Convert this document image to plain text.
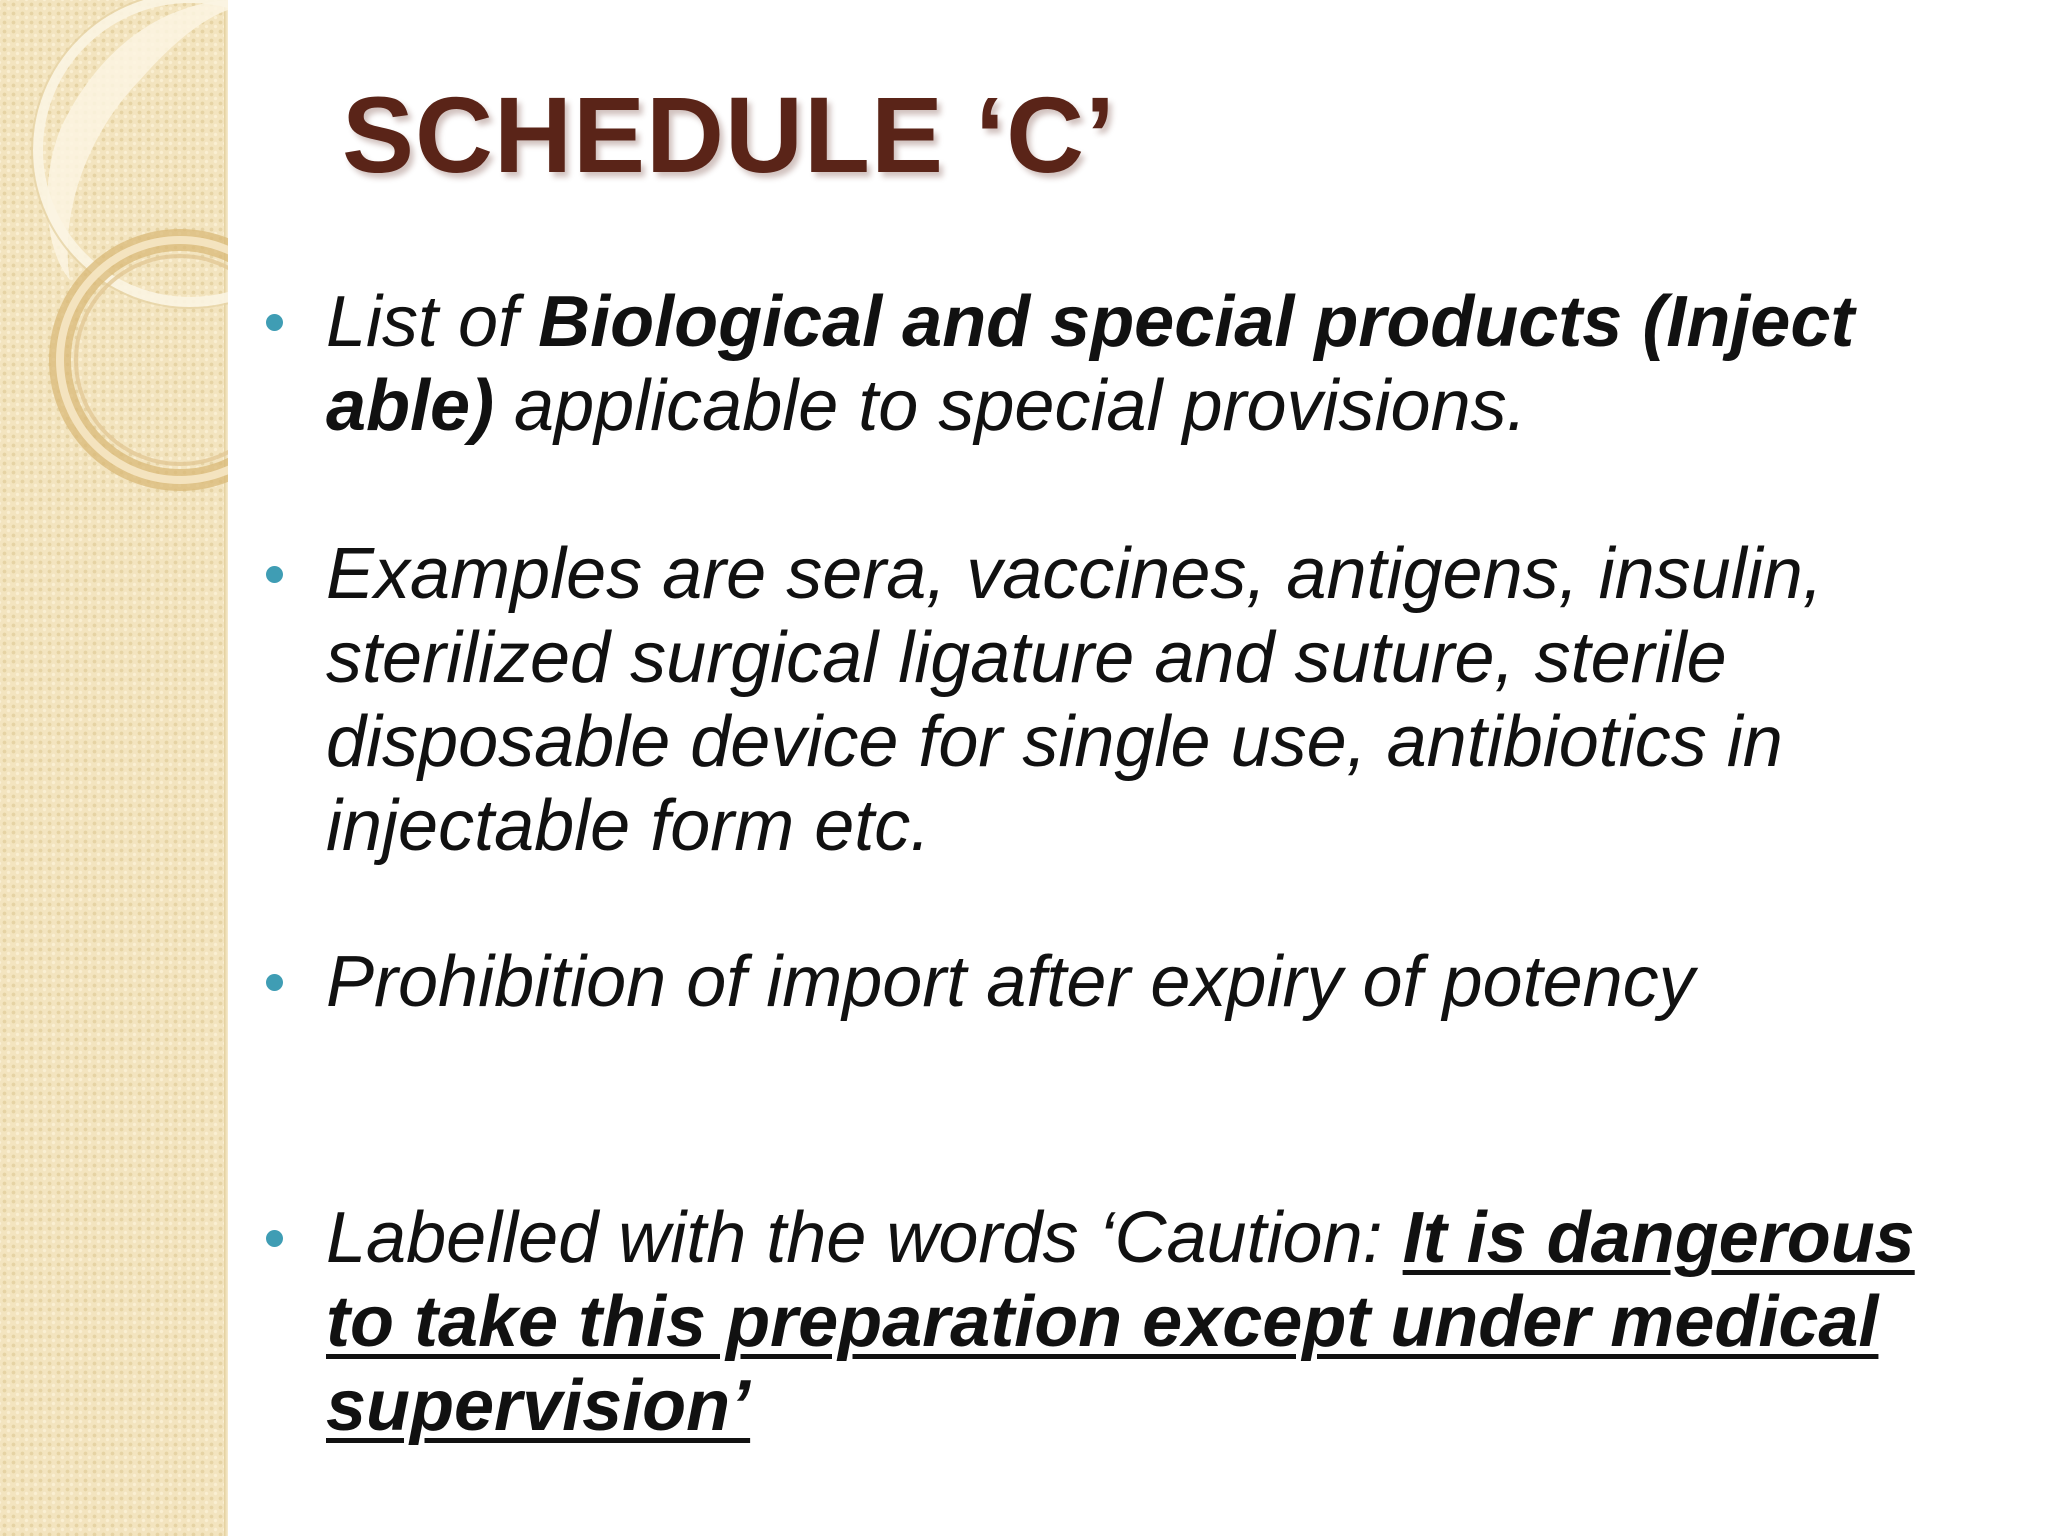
SCHEDULE ‘C’
List of Biological and special products (Inject able) applicable to special provisions.
Examples are sera, vaccines, antigens, insulin, sterilized surgical ligature and suture, sterile disposable device for single use, antibiotics in injectable form etc.
Prohibition of import after expiry of potency
Labelled with the words ‘Caution: It is dangerous to take this preparation except under medical supervision’
